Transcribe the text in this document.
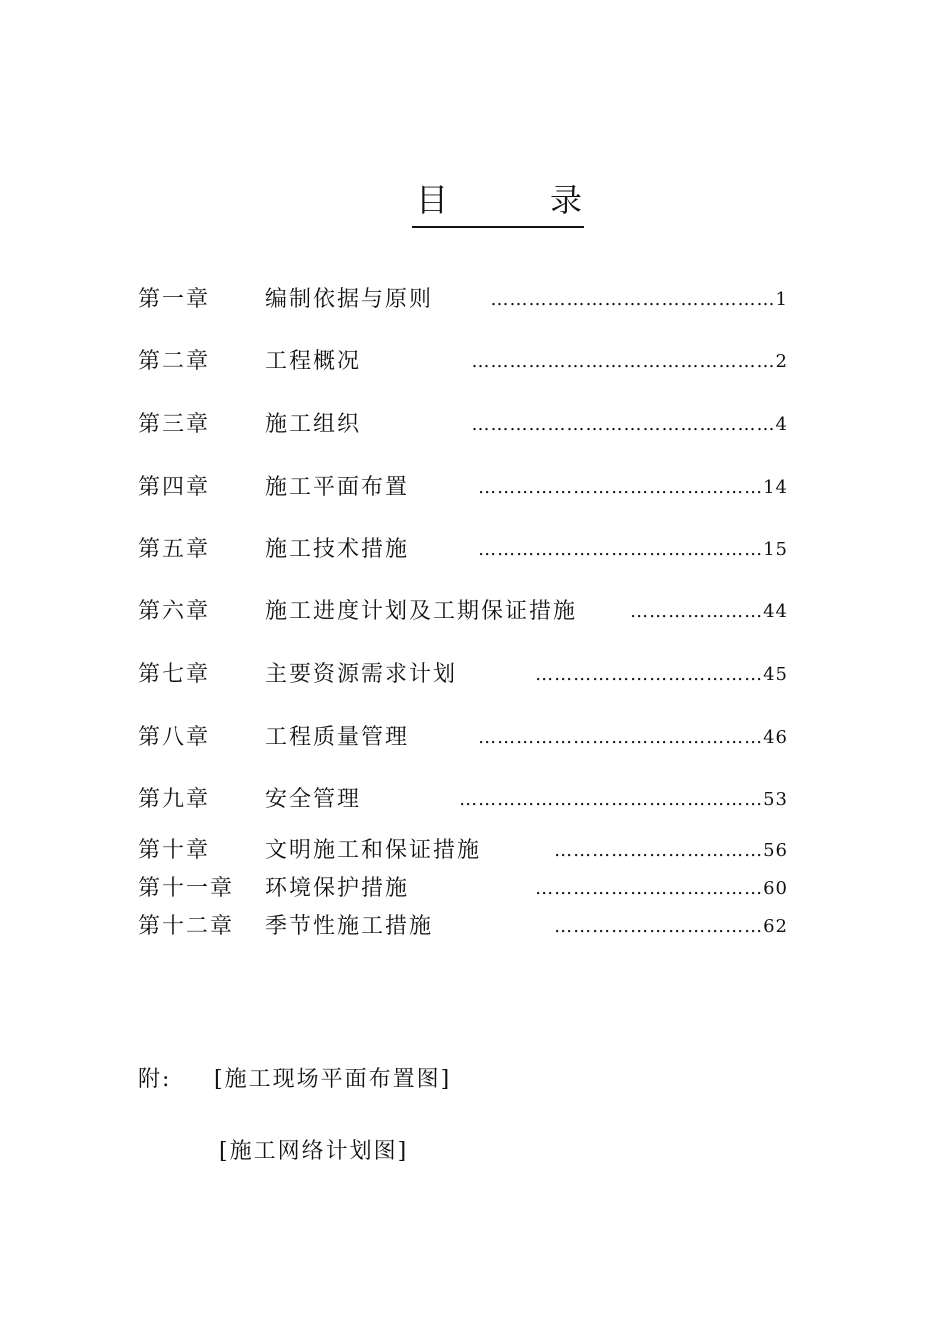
目	录
第一章 编制依据与原则	………………………………………1
第二章 工程概况	…………………………………………2
第三章 施工组织	…………………………………………4
第四章 施工平面布置	………………………………………14
第五章 施工技术措施	………………………………………15
第六章 施工进度计划及工期保证措施	…………………44
第七章 主要资源需求计划	………………………………45
第八章 工程质量管理	………………………………………46
第九章 安全管理	…………………………………………53
第十章 文明施工和保证措施	……………………………56
第十一章 环境保护措施	………………………………60
第十二章 季节性施工措施	……………………………62
附: [施工现场平面布置图]
[施工网络计划图]
